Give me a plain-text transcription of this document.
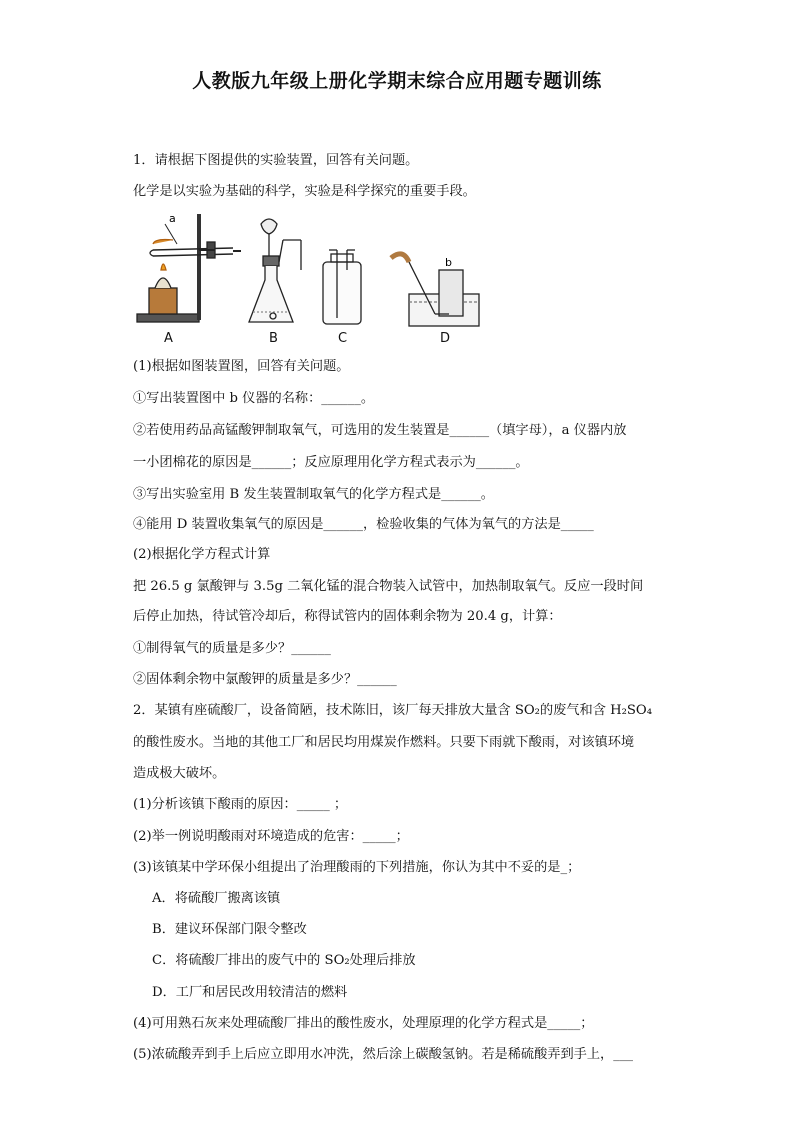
人教版九年级上册化学期末综合应用题专题训练
1．请根据下图提供的实验装置，回答有关问题。
化学是以实验为基础的科学，实验是科学探究的重要手段。
a
b
A	B	C	D
(1)根据如图装置图，回答有关问题。
①写出装置图中 b 仪器的名称：______。
②若使用药品高锰酸钾制取氧气，可选用的发生装置是______（填字母），a 仪器内放
一小团棉花的原因是______；反应原理用化学方程式表示为______。
③写出实验室用 B 发生装置制取氧气的化学方程式是______。
④能用 D 装置收集氧气的原因是______，检验收集的气体为氧气的方法是_____
(2)根据化学方程式计算
把 26.5 g 氯酸钾与 3.5g 二氧化锰的混合物装入试管中，加热制取氧气。反应一段时间
后停止加热，待试管冷却后，称得试管内的固体剩余物为 20.4 g，计算：
①制得氧气的质量是多少？______
②固体剩余物中氯酸钾的质量是多少？______
2．某镇有座硫酸厂，设备简陋，技术陈旧，该厂每天排放大量含 SO₂的废气和含 H₂SO₄
的酸性废水。当地的其他工厂和居民均用煤炭作燃料。只要下雨就下酸雨，对该镇环境
造成极大破坏。
(1)分析该镇下酸雨的原因：_____ ；
(2)举一例说明酸雨对环境造成的危害：_____；
(3)该镇某中学环保小组提出了治理酸雨的下列措施，你认为其中不妥的是_；
A．将硫酸厂搬离该镇
B．建议环保部门限令整改
C．将硫酸厂排出的废气中的 SO₂处理后排放
D．工厂和居民改用较清洁的燃料
(4)可用熟石灰来处理硫酸厂排出的酸性废水，处理原理的化学方程式是_____；
(5)浓硫酸弄到手上后应立即用水冲洗，然后涂上碳酸氢钠。若是稀硫酸弄到手上，___
